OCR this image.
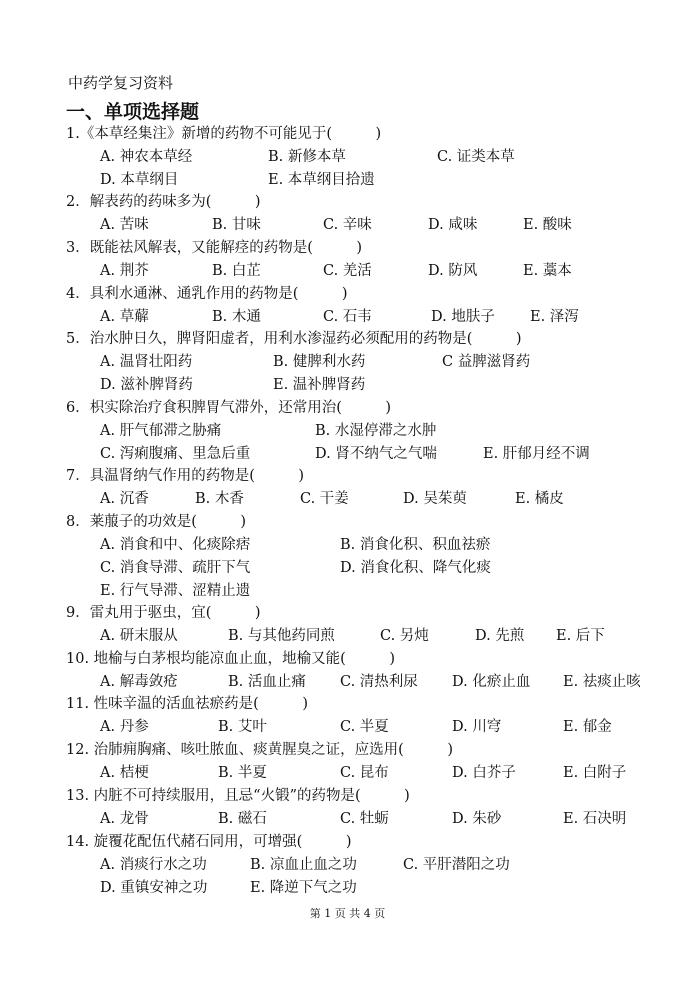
中药学复习资料
一、单项选择题
1.《本草经集注》新增的药物不可能见于(　　　)
A. 神农本草经	B. 新修本草	C. 证类本草
D. 本草纲目	E. 本草纲目拾遗
2．解表药的药味多为(　　　)
A. 苦味	B. 甘味	C. 辛味	D. 咸味	E. 酸味
3．既能祛风解表，又能解痉的药物是(　　　)
A. 荆芥	B. 白芷	C. 羌活	D. 防风	E. 藁本
4．具利水通淋、通乳作用的药物是(　　　)
A. 草薢	B. 木通	C. 石韦	D. 地肤子 E. 泽泻
5．治水肿日久，脾肾阳虚者，用利水渗湿药必须配用的药物是(　　　)
A. 温肾壮阳药	B. 健脾利水药	C 益脾滋肾药
D. 滋补脾肾药	E. 温补脾肾药
6．枳实除治疗食积脾胃气滞外，还常用治(　　　)
A. 肝气郁滞之胁痛	B. 水湿停滞之水肿
C. 泻痢腹痛、里急后重	D. 肾不纳气之气喘	E. 肝郁月经不调
7．具温肾纳气作用的药物是(　　　)
A. 沉香	B. 木香	C. 干姜	D. 吴茱萸	E. 橘皮
8．莱菔子的功效是(　　　)
A. 消食和中、化痰除痞	B. 消食化积、积血祛瘀
C. 消食导滞、疏肝下气	D. 消食化积、降气化痰
E. 行气导滞、涩精止遗
9．雷丸用于驱虫，宜(　　　)
A. 研末服从	B. 与其他药同煎	C. 另炖	D. 先煎 E. 后下
10. 地榆与白茅根均能凉血止血，地榆又能(　　　)
A. 解毒敛疮	B. 活血止痛 C. 清热利尿 D. 化瘀止血 E. 祛痰止咳
11. 性味辛温的活血祛瘀药是(　　　)
A. 丹参	B. 艾叶	C. 半夏	D. 川穹	E. 郁金
12. 治肺痈胸痛、咳吐脓血、痰黄腥臭之证，应选用(　　　)
A. 桔梗	B. 半夏	C. 昆布	D. 白芥子	E. 白附子
13. 内脏不可持续服用，且忌“火锻”的药物是(　　　)
A. 龙骨	B. 磁石	C. 牡蛎	D. 朱砂	E. 石决明
14. 旋覆花配伍代赭石同用，可增强(　　　)
A. 消痰行水之功	B. 凉血止血之功	C. 平肝潜阳之功
D. 重镇安神之功	E. 降逆下气之功
第 1 页 共 4 页
